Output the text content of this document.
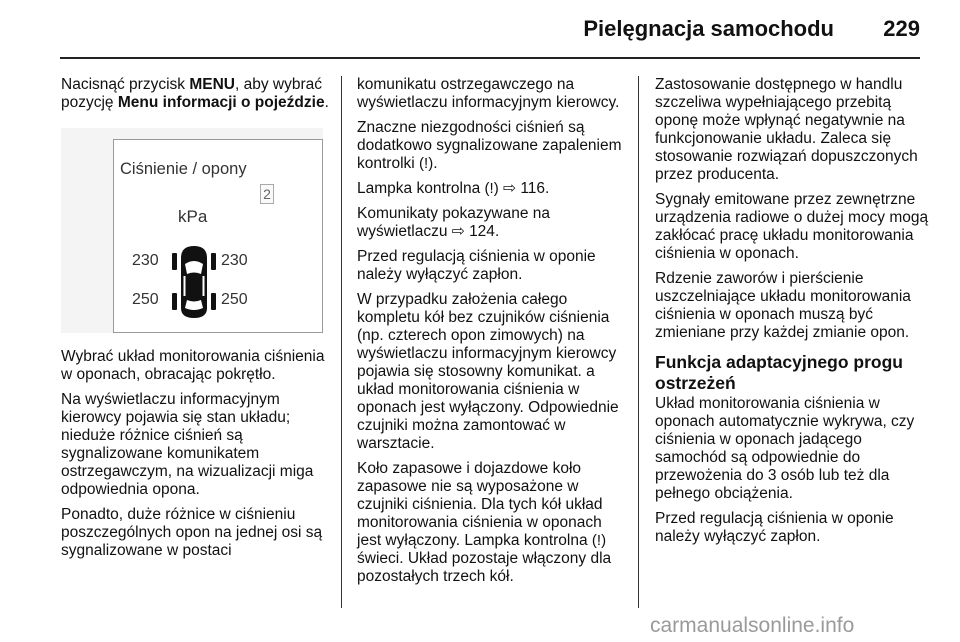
Pielęgnacja samochodu 229

Nacisnąć przycisk MENU, aby wybrać pozycję Menu informacji o pojeździe.

Ciśnienie / opony
2
kPa
230	230
250	250

Wybrać układ monitorowania ciśnienia w oponach, obracając pokrętło.

Na wyświetlaczu informacyjnym kierowcy pojawia się stan układu; nieduże różnice ciśnień są sygnalizowane komunikatem ostrzegawczym, na wizualizacji miga odpowiednia opona.

Ponadto, duże różnice w ciśnieniu poszczególnych opon na jednej osi są sygnalizowane w postaci

komunikatu ostrzegawczego na wyświetlaczu informacyjnym kierowcy.

Znaczne niezgodności ciśnień są dodatkowo sygnalizowane zapaleniem kontrolki (!).

Lampka kontrolna (!) ⇨ 116.

Komunikaty pokazywane na wyświetlaczu ⇨ 124.

Przed regulacją ciśnienia w oponie należy wyłączyć zapłon.

W przypadku założenia całego kompletu kół bez czujników ciśnienia (np. czterech opon zimowych) na wyświetlaczu informacyjnym kierowcy pojawia się stosowny komunikat. a układ monitorowania ciśnienia w oponach jest wyłączony. Odpowiednie czujniki można zamontować w warsztacie.

Koło zapasowe i dojazdowe koło zapasowe nie są wyposażone w czujniki ciśnienia. Dla tych kół układ monitorowania ciśnienia w oponach jest wyłączony. Lampka kontrolna (!) świeci. Układ pozostaje włączony dla pozostałych trzech kół.

Zastosowanie dostępnego w handlu szczeliwa wypełniającego przebitą oponę może wpłynąć negatywnie na funkcjonowanie układu. Zaleca się stosowanie rozwiązań dopuszczonych przez producenta.

Sygnały emitowane przez zewnętrzne urządzenia radiowe o dużej mocy mogą zakłócać pracę układu monitorowania ciśnienia w oponach.

Rdzenie zaworów i pierścienie uszczelniające układu monitorowania ciśnienia w oponach muszą być zmieniane przy każdej zmianie opon.

Funkcja adaptacyjnego progu ostrzeżeń

Układ monitorowania ciśnienia w oponach automatycznie wykrywa, czy ciśnienia w oponach jadącego samochód są odpowiednie do przewożenia do 3 osób lub też dla pełnego obciążenia.

Przed regulacją ciśnienia w oponie należy wyłączyć zapłon.

carmanualsonline.info
